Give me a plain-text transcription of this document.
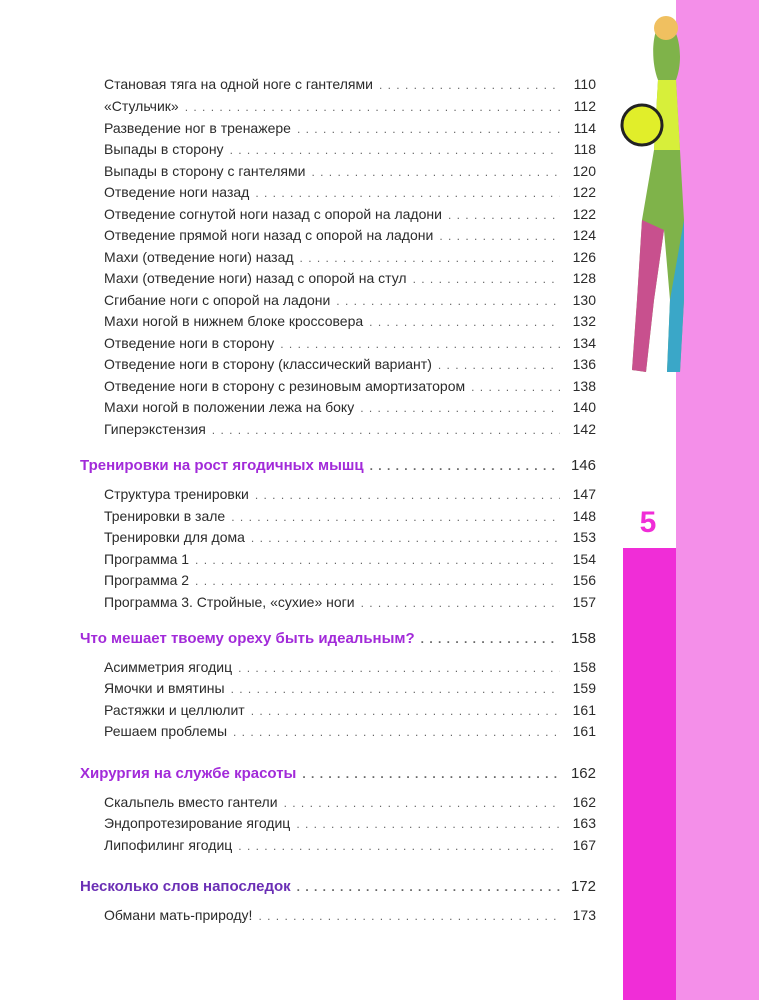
5
Становая тяга на одной ноге с гантелями . . .	110
«Стульчик» . . .	112
Разведение ног в тренажере . . .	114
Выпады в сторону . . .	118
Выпады в сторону с гантелями . . .	120
Отведение ноги назад . . .	122
Отведение согнутой ноги назад с опорой на ладони . . .	122
Отведение прямой ноги назад с опорой на ладони . . .	124
Махи (отведение ноги) назад . . .	126
Махи (отведение ноги) назад с опорой на стул . . .	128
Сгибание ноги с опорой на ладони . . .	130
Махи ногой в нижнем блоке кроссовера . . .	132
Отведение ноги в сторону . . .	134
Отведение ноги в сторону (классический вариант) . . .	136
Отведение ноги в сторону с резиновым амортизатором . . .	138
Махи ногой в положении лежа на боку . . .	140
Гиперэкстензия . . .	142
Тренировки на рост ягодичных мышц . . .	146
Структура тренировки . . .	147
Тренировки в зале . . .	148
Тренировки для дома . . .	153
Программа 1 . . .	154
Программа 2 . . .	156
Программа 3. Стройные, «сухие» ноги . . .	157
Что мешает твоему ореху быть идеальным? . . .	158
Асимметрия ягодиц . . .	158
Ямочки и вмятины . . .	159
Растяжки и целлюлит . . .	161
Решаем проблемы . . .	161
Хирургия на службе красоты . . .	162
Скальпель вместо гантели . . .	162
Эндопротезирование ягодиц . . .	163
Липофилинг ягодиц . . .	167
Несколько слов напоследок . . .	172
Обмани мать-природу! . . .	173
